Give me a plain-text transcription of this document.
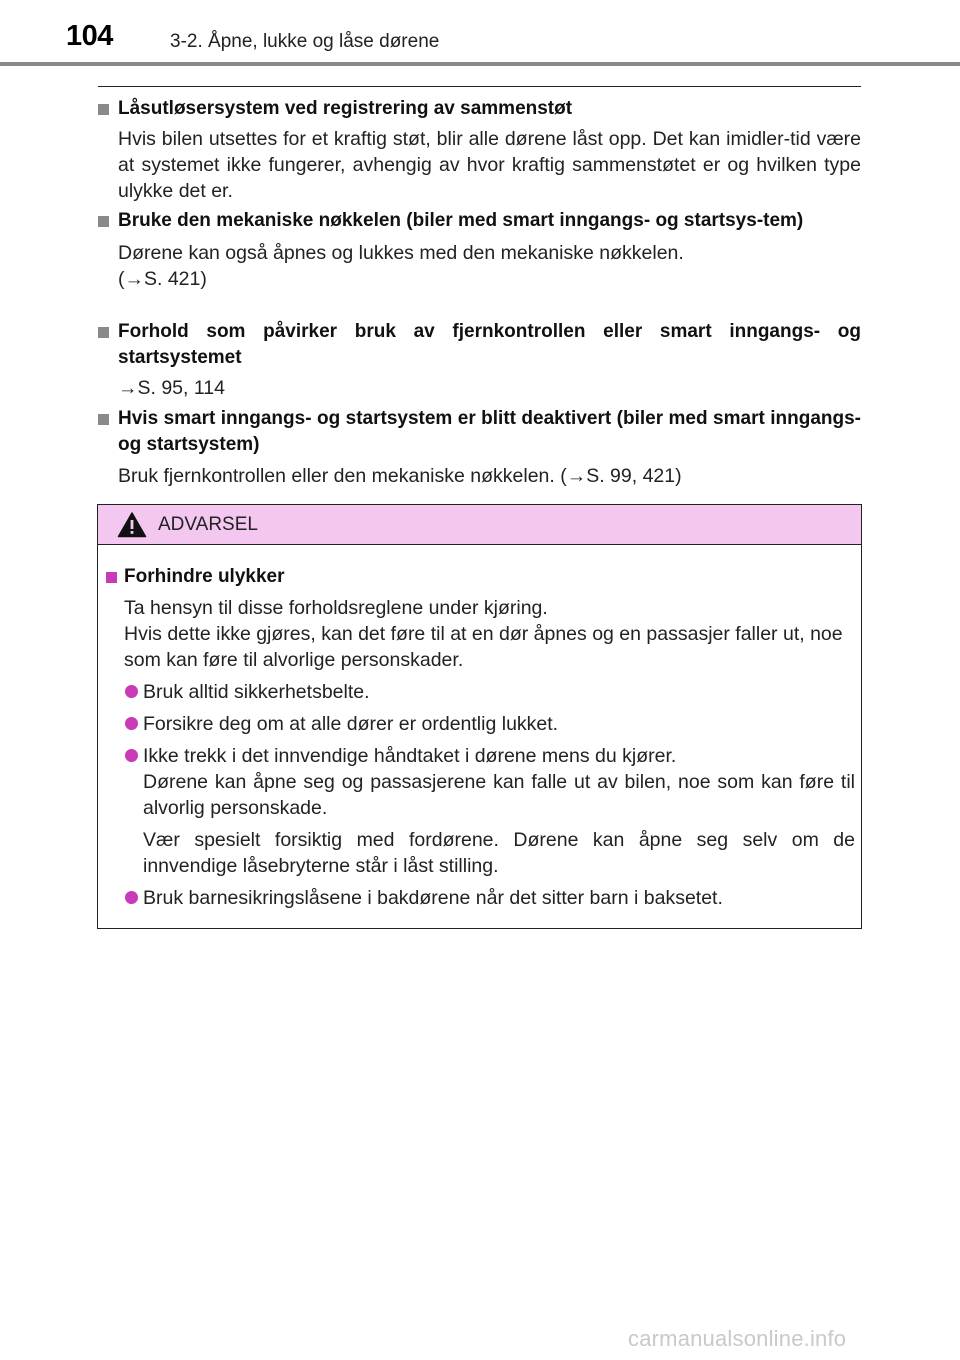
104	3-2. Åpne, lukke og låse dørene
Låsutløsersystem ved registrering av sammenstøt

Hvis bilen utsettes for et kraftig støt, blir alle dørene låst opp. Det kan imidler-tid være at systemet ikke fungerer, avhengig av hvor kraftig sammenstøtet er og hvilken type ulykke det er.

Bruke den mekaniske nøkkelen (biler med smart inngangs- og startsys-tem)

Dørene kan også åpnes og lukkes med den mekaniske nøkkelen.

(→S. 421)

Forhold som påvirker bruk av fjernkontrollen eller smart inngangs- og startsystemet

→S. 95, 114

Hvis smart inngangs- og startsystem er blitt deaktivert (biler med smart inngangs- og startsystem)

Bruk fjernkontrollen eller den mekaniske nøkkelen. (→S. 99, 421)

ADVARSEL
Forhindre ulykker

Ta hensyn til disse forholdsreglene under kjøring.

Hvis dette ikke gjøres, kan det føre til at en dør åpnes og en passasjer faller ut, noe som kan føre til alvorlige personskader.

Bruk alltid sikkerhetsbelte.

Forsikre deg om at alle dører er ordentlig lukket.

Ikke trekk i det innvendige håndtaket i dørene mens du kjører.

Dørene kan åpne seg og passasjerene kan falle ut av bilen, noe som kan føre til alvorlig personskade.

Vær spesielt forsiktig med fordørene. Dørene kan åpne seg selv om de innvendige låsebryterne står i låst stilling.

Bruk barnesikringslåsene i bakdørene når det sitter barn i baksetet.

carmanualsonline.info
